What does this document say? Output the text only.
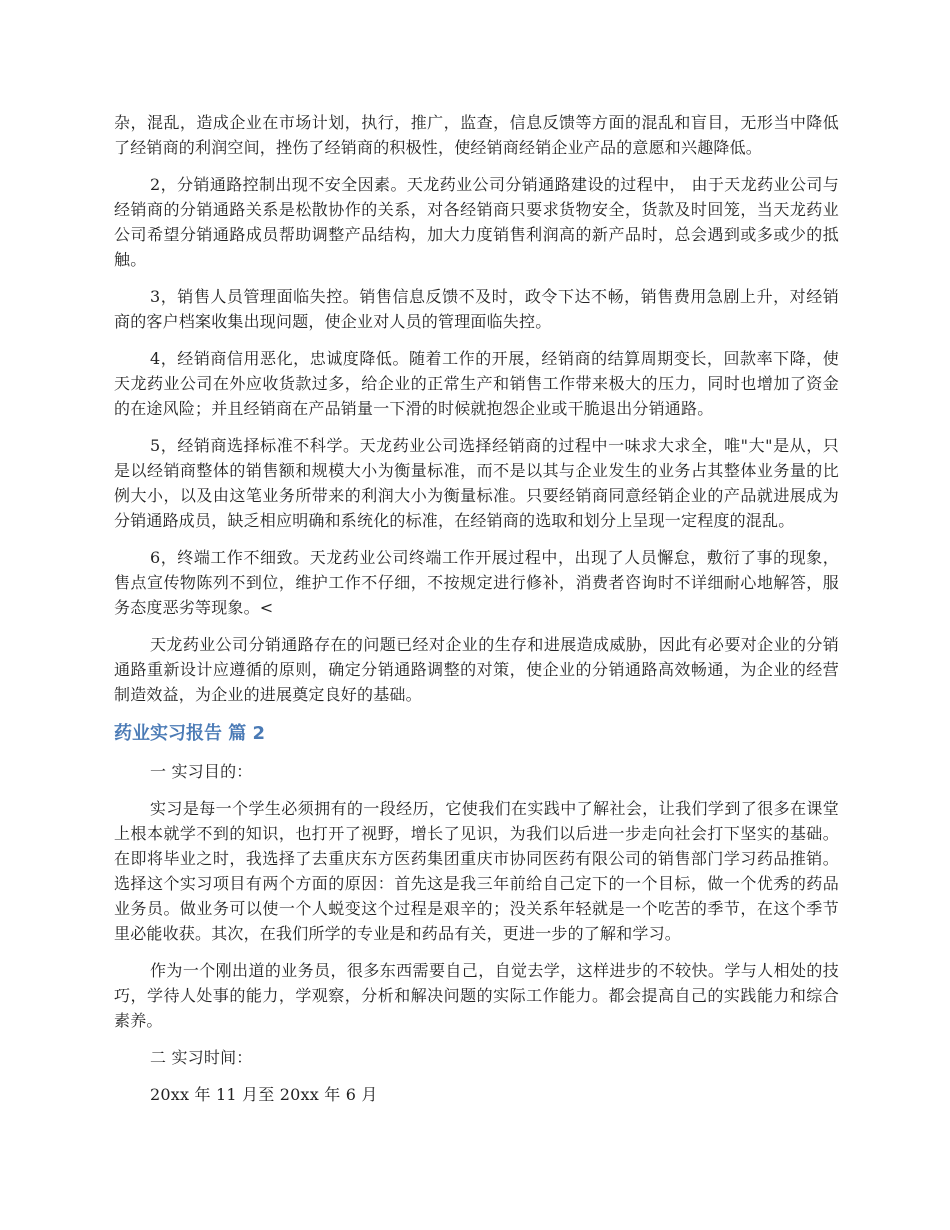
杂，混乱，造成企业在市场计划，执行，推广，监查，信息反馈等方面的混乱和盲目，无形当中降低了经销商的利润空间，挫伤了经销商的积极性，使经销商经销企业产品的意愿和兴趣降低。

2，分销通路控制出现不安全因素。天龙药业公司分销通路建设的过程中， 由于天龙药业公司与经销商的分销通路关系是松散协作的关系，对各经销商只要求货物安全，货款及时回笼，当天龙药业公司希望分销通路成员帮助调整产品结构，加大力度销售利润高的新产品时，总会遇到或多或少的抵触。

3，销售人员管理面临失控。销售信息反馈不及时，政令下达不畅，销售费用急剧上升，对经销商的客户档案收集出现问题，使企业对人员的管理面临失控。

4，经销商信用恶化，忠诚度降低。随着工作的开展，经销商的结算周期变长，回款率下降，使天龙药业公司在外应收货款过多，给企业的正常生产和销售工作带来极大的压力，同时也增加了资金的在途风险；并且经销商在产品销量一下滑的时候就抱怨企业或干脆退出分销通路。

5，经销商选择标准不科学。天龙药业公司选择经销商的过程中一味求大求全，唯"大"是从，只是以经销商整体的销售额和规模大小为衡量标准，而不是以其与企业发生的业务占其整体业务量的比例大小，以及由这笔业务所带来的利润大小为衡量标准。只要经销商同意经销企业的产品就进展成为分销通路成员，缺乏相应明确和系统化的标准，在经销商的选取和划分上呈现一定程度的混乱。

6，终端工作不细致。天龙药业公司终端工作开展过程中，出现了人员懈怠，敷衍了事的现象，售点宣传物陈列不到位，维护工作不仔细，不按规定进行修补，消费者咨询时不详细耐心地解答，服务态度恶劣等现象。<

天龙药业公司分销通路存在的问题已经对企业的生存和进展造成威胁，因此有必要对企业的分销通路重新设计应遵循的原则，确定分销通路调整的对策，使企业的分销通路高效畅通，为企业的经营制造效益，为企业的进展奠定良好的基础。

药业实习报告 篇 2

一 实习目的：

实习是每一个学生必须拥有的一段经历，它使我们在实践中了解社会，让我们学到了很多在课堂上根本就学不到的知识，也打开了视野，增长了见识，为我们以后进一步走向社会打下坚实的基础。在即将毕业之时，我选择了去重庆东方医药集团重庆市协同医药有限公司的销售部门学习药品推销。选择这个实习项目有两个方面的原因：首先这是我三年前给自己定下的一个目标，做一个优秀的药品业务员。做业务可以使一个人蜕变这个过程是艰辛的；没关系年轻就是一个吃苦的季节，在这个季节里必能收获。其次，在我们所学的专业是和药品有关，更进一步的了解和学习。

作为一个刚出道的业务员，很多东西需要自己，自觉去学，这样进步的不较快。学与人相处的技巧，学待人处事的能力，学观察，分析和解决问题的实际工作能力。都会提高自己的实践能力和综合素养。

二 实习时间：

20xx 年 11 月至 20xx 年 6 月
